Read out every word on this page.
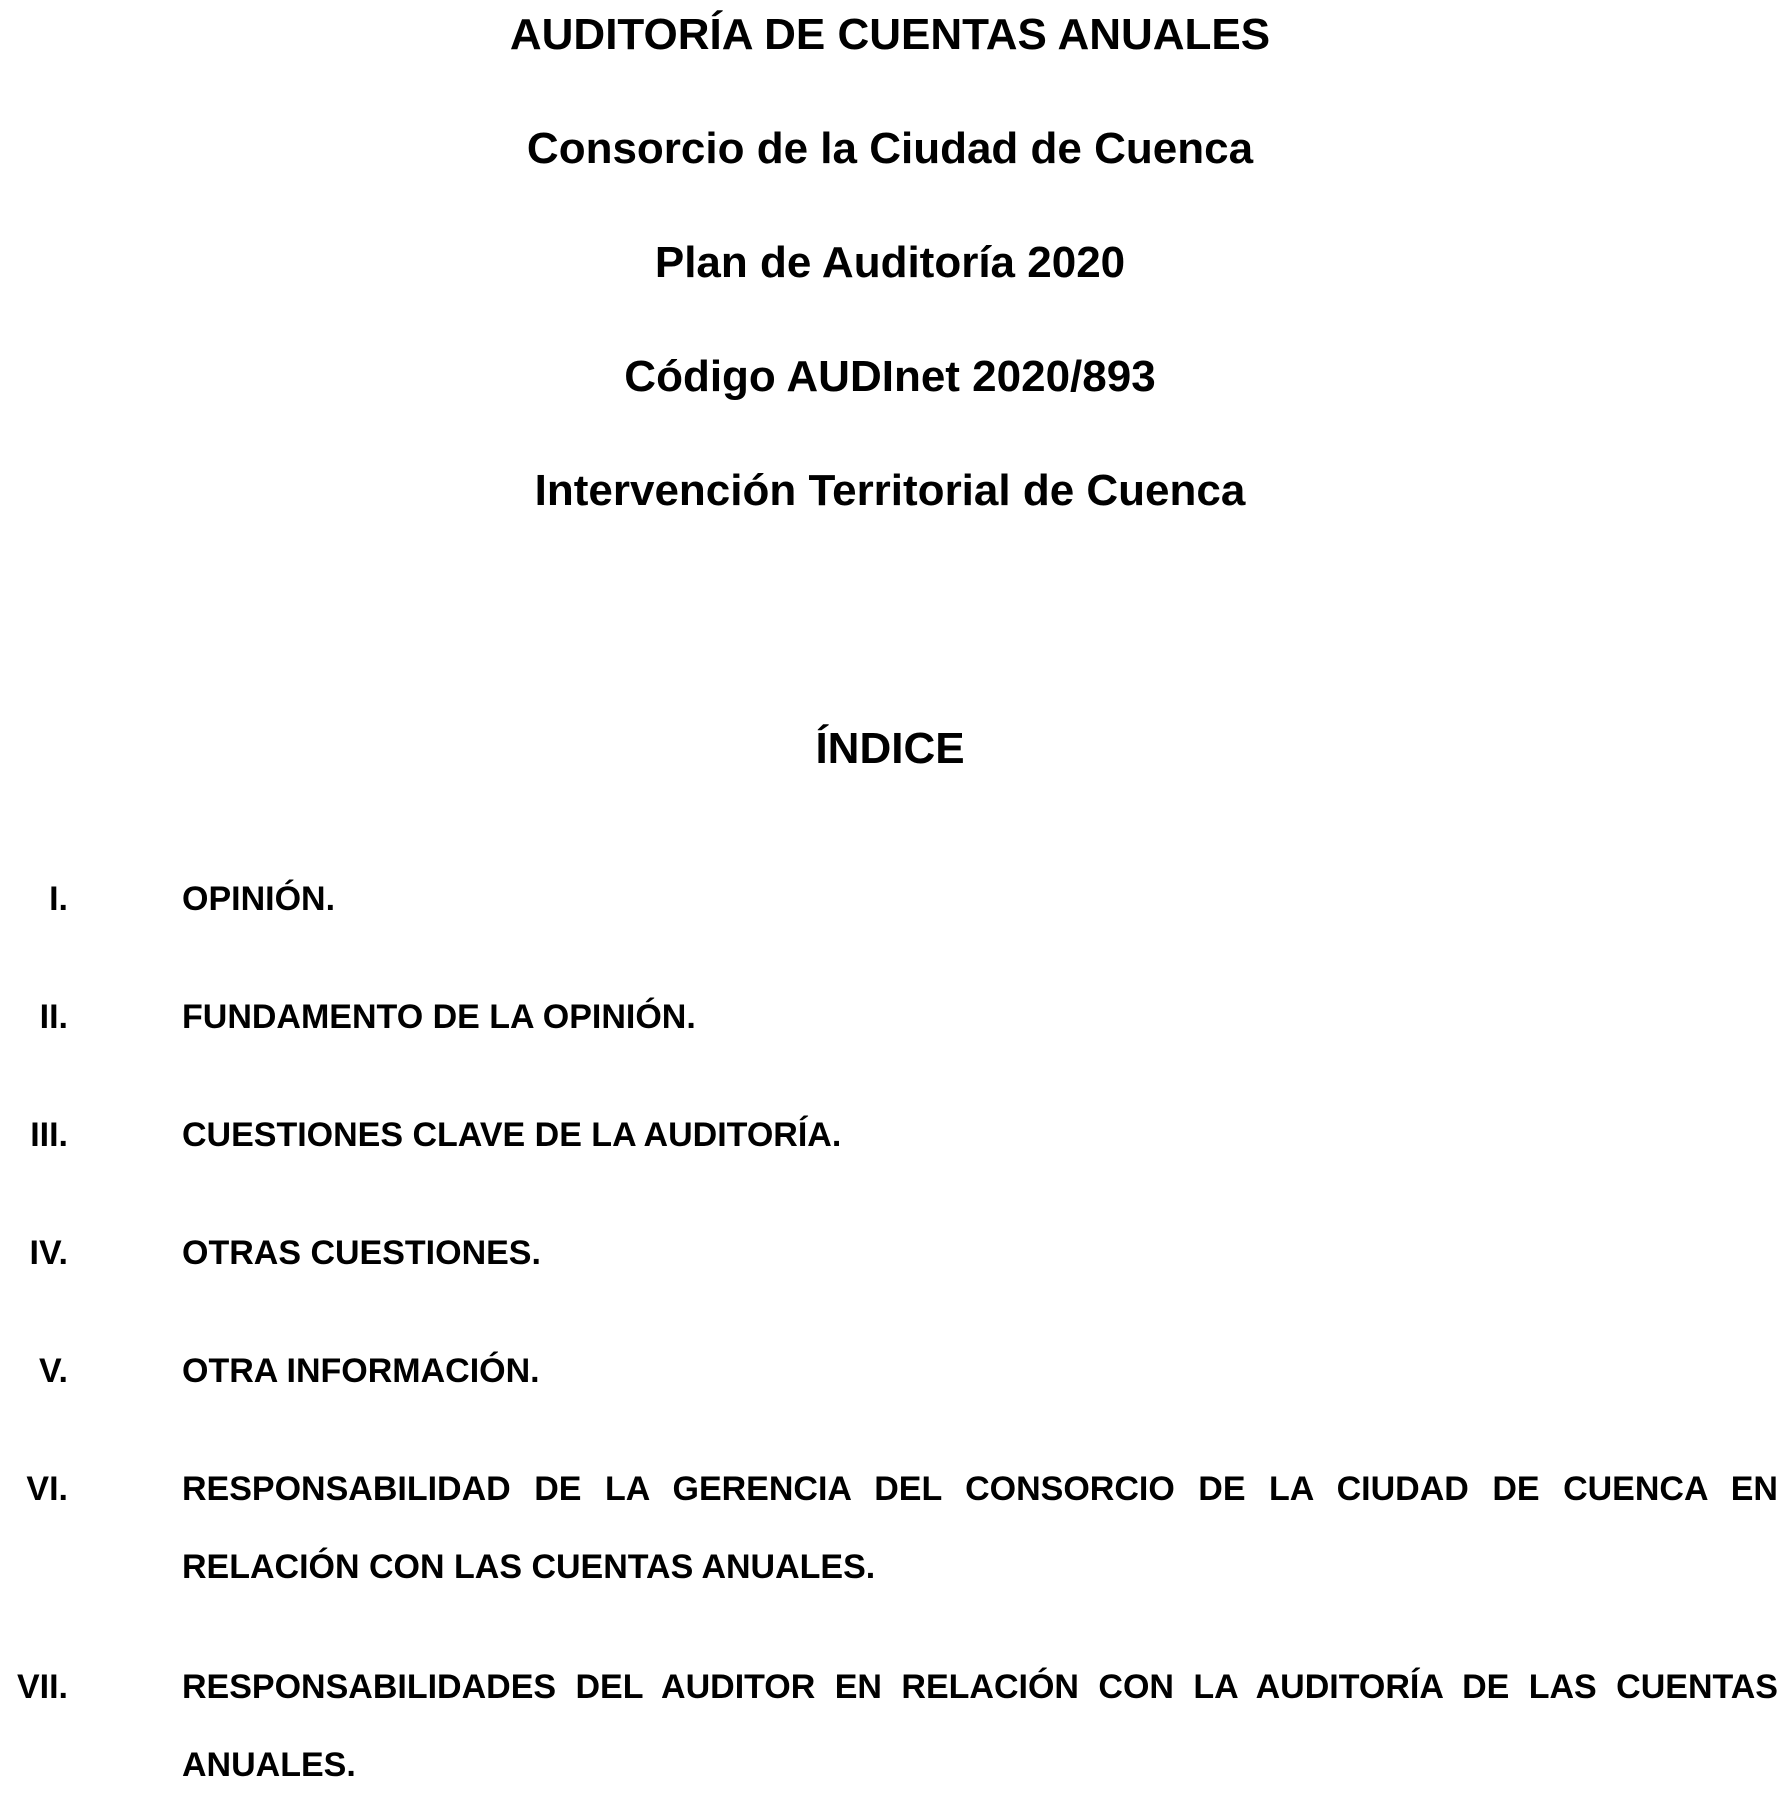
AUDITORÍA DE CUENTAS ANUALES
Consorcio de la Ciudad de Cuenca
Plan de Auditoría 2020
Código AUDInet 2020/893
Intervención Territorial de Cuenca
ÍNDICE
I.	OPINIÓN.
II.	FUNDAMENTO DE LA OPINIÓN.
III.	CUESTIONES CLAVE DE LA AUDITORÍA.
IV.	OTRAS CUESTIONES.
V.	OTRA INFORMACIÓN.
VI.	RESPONSABILIDAD DE LA GERENCIA DEL CONSORCIO DE LA CIUDAD DE CUENCA EN RELACIÓN CON LAS CUENTAS ANUALES.
VII.	RESPONSABILIDADES DEL AUDITOR EN RELACIÓN CON LA AUDITORÍA DE LAS CUENTAS ANUALES.
